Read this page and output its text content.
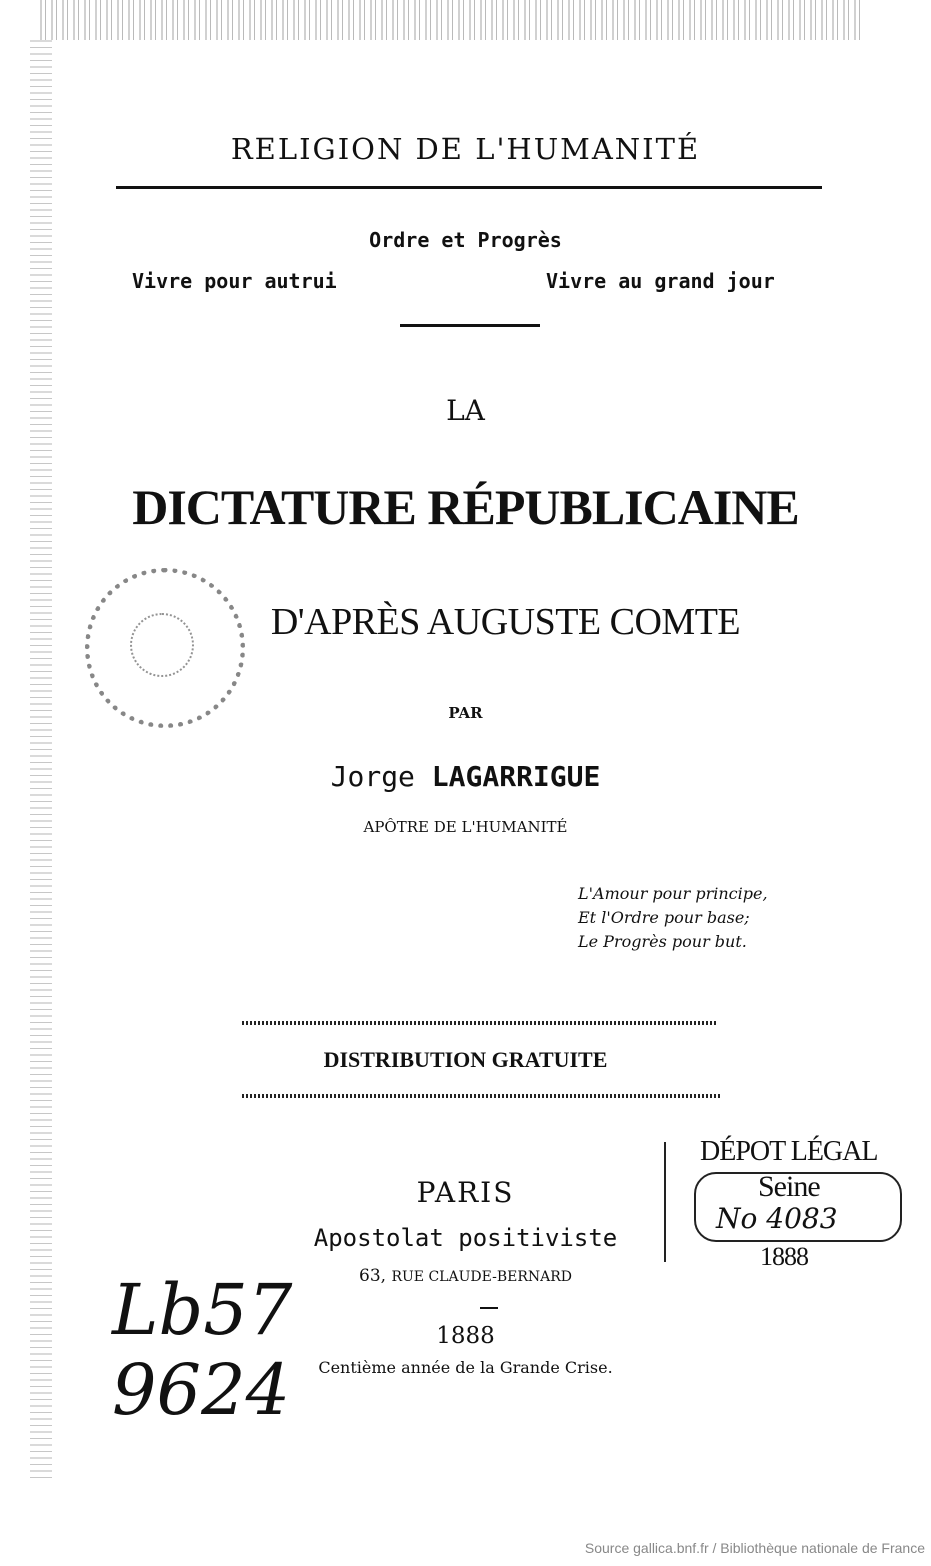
RELIGION DE L'HUMANITÉ
Ordre et Progrès
Vivre pour autrui	Vivre au grand jour
LA
DICTATURE RÉPUBLICAINE
D'APRÈS AUGUSTE COMTE
PAR
Jorge LAGARRIGUE
APÔTRE DE L'HUMANITÉ
L'Amour pour principe,
Et l'Ordre pour base;
Le Progrès pour but.
DISTRIBUTION GRATUITE
PARIS
Apostolat positiviste
63, RUE CLAUDE-BERNARD
1888
Centième année de la Grande Crise.
DÉPOT LÉGAL
Seine
No 4083
1888
Lb57
9624
Source gallica.bnf.fr / Bibliothèque nationale de France
